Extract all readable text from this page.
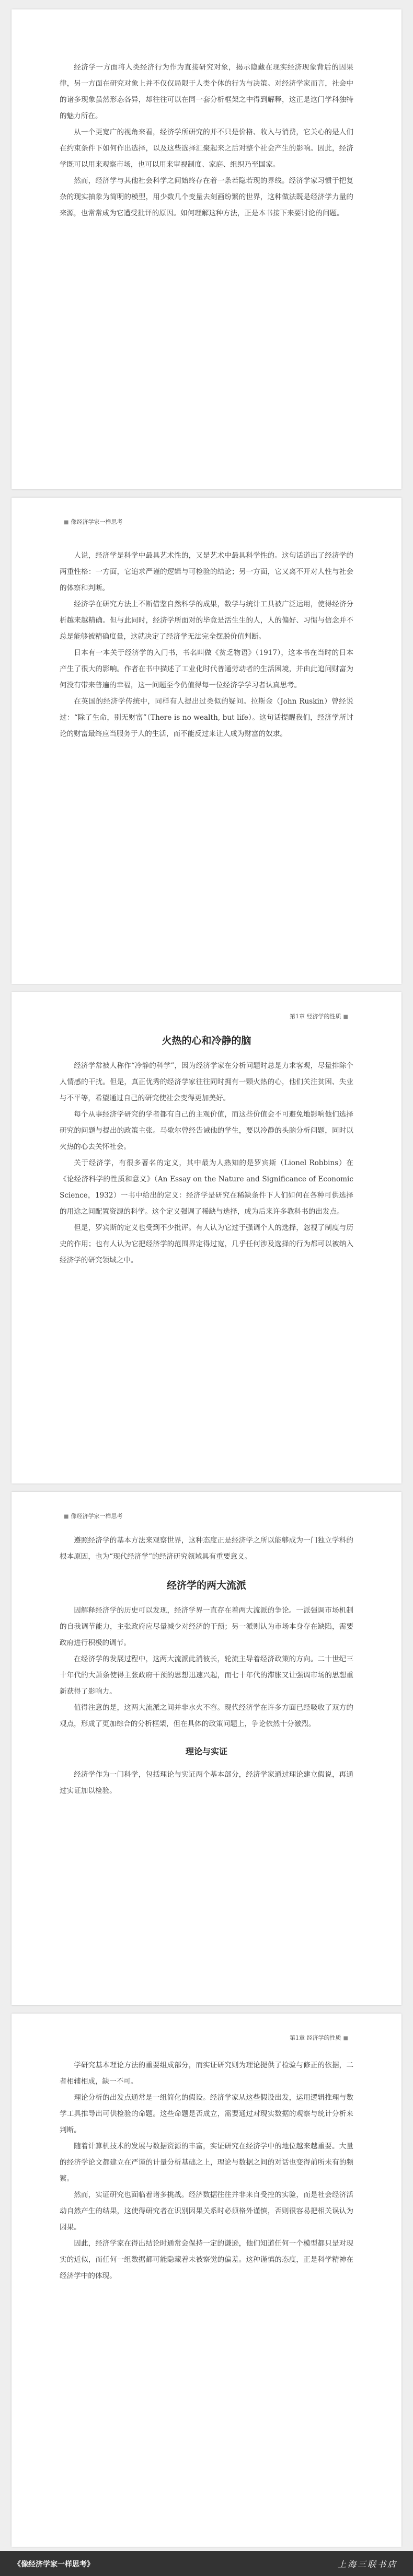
经济学一方面将人类经济行为作为直接研究对象，揭示隐藏在现实经济现象背后的因果律，另一方面在研究对象上并不仅仅局限于人类个体的行为与决策。对经济学家而言，社会中的诸多现象虽然形态各异，却往往可以在同一套分析框架之中得到解释，这正是这门学科独特的魅力所在。

从一个更宽广的视角来看，经济学所研究的并不只是价格、收入与消费，它关心的是人们在约束条件下如何作出选择，以及这些选择汇聚起来之后对整个社会产生的影响。因此，经济学既可以用来观察市场，也可以用来审视制度、家庭、组织乃至国家。

然而，经济学与其他社会科学之间始终存在着一条若隐若现的界线。经济学家习惯于把复杂的现实抽象为简明的模型，用少数几个变量去刻画纷繁的世界，这种做法既是经济学力量的来源，也常常成为它遭受批评的原因。如何理解这种方法，正是本书接下来要讨论的问题。

■ 像经济学家一样思考

人说，经济学是科学中最具艺术性的，又是艺术中最具科学性的。这句话道出了经济学的两重性格：一方面，它追求严谨的逻辑与可检验的结论；另一方面，它又离不开对人性与社会的体察和判断。

经济学在研究方法上不断借鉴自然科学的成果，数学与统计工具被广泛运用，使得经济分析越来越精确。但与此同时，经济学所面对的毕竟是活生生的人，人的偏好、习惯与信念并不总是能够被精确度量，这就决定了经济学无法完全摆脱价值判断。

日本有一本关于经济学的入门书，书名叫做《贫乏物语》（1917），这本书在当时的日本产生了很大的影响。作者在书中描述了工业化时代普通劳动者的生活困境，并由此追问财富为何没有带来普遍的幸福，这一问题至今仍值得每一位经济学学习者认真思考。

在英国的经济学传统中，同样有人提出过类似的疑问。拉斯金（John Ruskin）曾经说过：“除了生命，别无财富”（There is no wealth, but life）。这句话提醒我们，经济学所讨论的财富最终应当服务于人的生活，而不能反过来让人成为财富的奴隶。

第1章 经济学的性质 ■

火热的心和冷静的脑

经济学常被人称作“冷静的科学”，因为经济学家在分析问题时总是力求客观，尽量排除个人情感的干扰。但是，真正优秀的经济学家往往同时拥有一颗火热的心，他们关注贫困、失业与不平等，希望通过自己的研究使社会变得更加美好。

每个从事经济学研究的学者都有自己的主观价值，而这些价值会不可避免地影响他们选择研究的问题与提出的政策主张。马歇尔曾经告诫他的学生，要以冷静的头脑分析问题，同时以火热的心去关怀社会。

关于经济学，有很多著名的定义，其中最为人熟知的是罗宾斯（Lionel Robbins）在《论经济科学的性质和意义》（An Essay on the Nature and Significance of Economic Science，1932）一书中给出的定义：经济学是研究在稀缺条件下人们如何在各种可供选择的用途之间配置资源的科学。这个定义强调了稀缺与选择，成为后来许多教科书的出发点。

但是，罗宾斯的定义也受到不少批评。有人认为它过于强调个人的选择，忽视了制度与历史的作用；也有人认为它把经济学的范围界定得过宽，几乎任何涉及选择的行为都可以被纳入经济学的研究领域之中。

■ 像经济学家一样思考

遵照经济学的基本方法来观察世界，这种态度正是经济学之所以能够成为一门独立学科的根本原因，也为“现代经济学”的经济研究领域具有重要意义。

经济学的两大流派

因解释经济学的历史可以发现，经济学界一直存在着两大流派的争论。一派强调市场机制的自我调节能力，主张政府应尽量减少对经济的干预；另一派则认为市场本身存在缺陷，需要政府进行积极的调节。

在经济学的发展过程中，这两大流派此消彼长，轮流主导着经济政策的方向。二十世纪三十年代的大萧条使得主张政府干预的思想迅速兴起，而七十年代的滞胀又让强调市场的思想重新获得了影响力。

值得注意的是，这两大流派之间并非水火不容。现代经济学在许多方面已经吸收了双方的观点，形成了更加综合的分析框架，但在具体的政策问题上，争论依然十分激烈。

理论与实证

经济学作为一门科学，包括理论与实证两个基本部分，经济学家通过理论建立假说，再通过实证加以检验。

第1章 经济学的性质 ■

学研究基本理论方法的重要组成部分，而实证研究则为理论提供了检验与修正的依据，二者相辅相成，缺一不可。

理论分析的出发点通常是一组简化的假设。经济学家从这些假设出发，运用逻辑推理与数学工具推导出可供检验的命题。这些命题是否成立，需要通过对现实数据的观察与统计分析来判断。

随着计算机技术的发展与数据资源的丰富，实证研究在经济学中的地位越来越重要。大量的经济学论文都建立在严谨的计量分析基础之上，理论与数据之间的对话也变得前所未有的频繁。

然而，实证研究也面临着诸多挑战。经济数据往往并非来自受控的实验，而是社会经济活动自然产生的结果，这使得研究者在识别因果关系时必须格外谨慎，否则很容易把相关误认为因果。

因此，经济学家在得出结论时通常会保持一定的谦逊，他们知道任何一个模型都只是对现实的近似，而任何一组数据都可能隐藏着未被察觉的偏差。这种谨慎的态度，正是科学精神在经济学中的体现。

《像经济学家一样思考》	上海三联书店
